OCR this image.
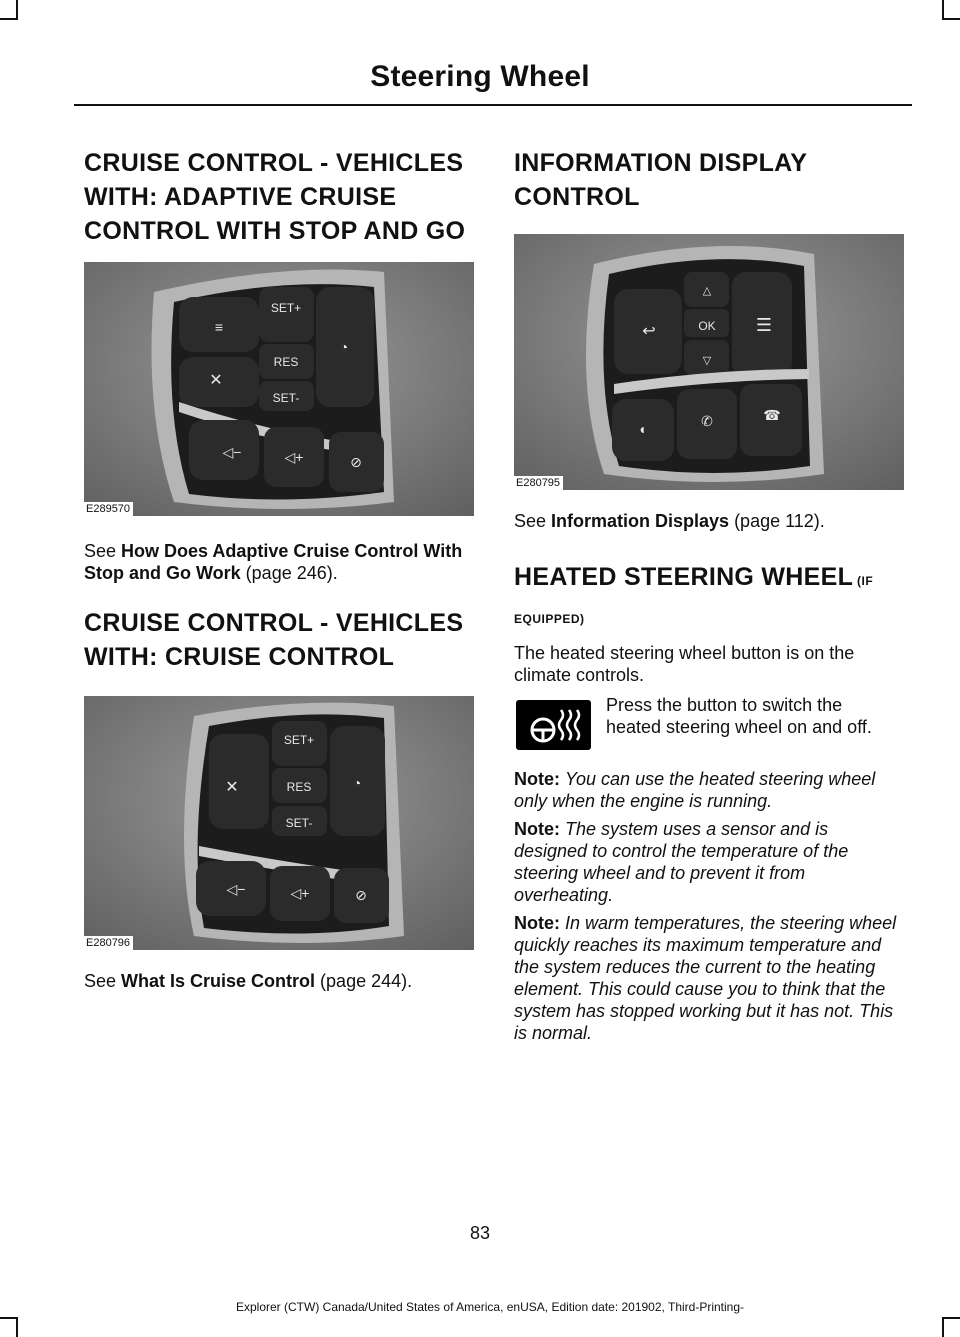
Steering Wheel
CRUISE CONTROL - VEHICLES
WITH: ADAPTIVE CRUISE
CONTROL WITH STOP AND GO
SET+
RES
SET-
✕
◁−	◁+	⊘
◔
≡
E289570

See How Does Adaptive Cruise Control With Stop and Go Work (page 246).

CRUISE CONTROL - VEHICLES
WITH: CRUISE CONTROL
SET+
RES
SET-
✕
◁−	◁+	⊘
◔
E280796

See What Is Cruise Control (page 244).

INFORMATION DISPLAY
CONTROL
OK
△
▽
↩	☰
◖	✆	☎
E280795

See Information Displays (page 112).

HEATED STEERING WHEEL (IF
EQUIPPED)

The heated steering wheel button is on the climate controls.

Press the button to switch the heated steering wheel on and off.

Note: You can use the heated steering wheel only when the engine is running.

Note: The system uses a sensor and is designed to control the temperature of the steering wheel and to prevent it from overheating.

Note: In warm temperatures, the steering wheel quickly reaches its maximum temperature and the system reduces the current to the heating element. This could cause you to think that the system has stopped working but it has not. This is normal.

83
Explorer (CTW) Canada/United States of America, enUSA, Edition date: 201902, Third-Printing-
